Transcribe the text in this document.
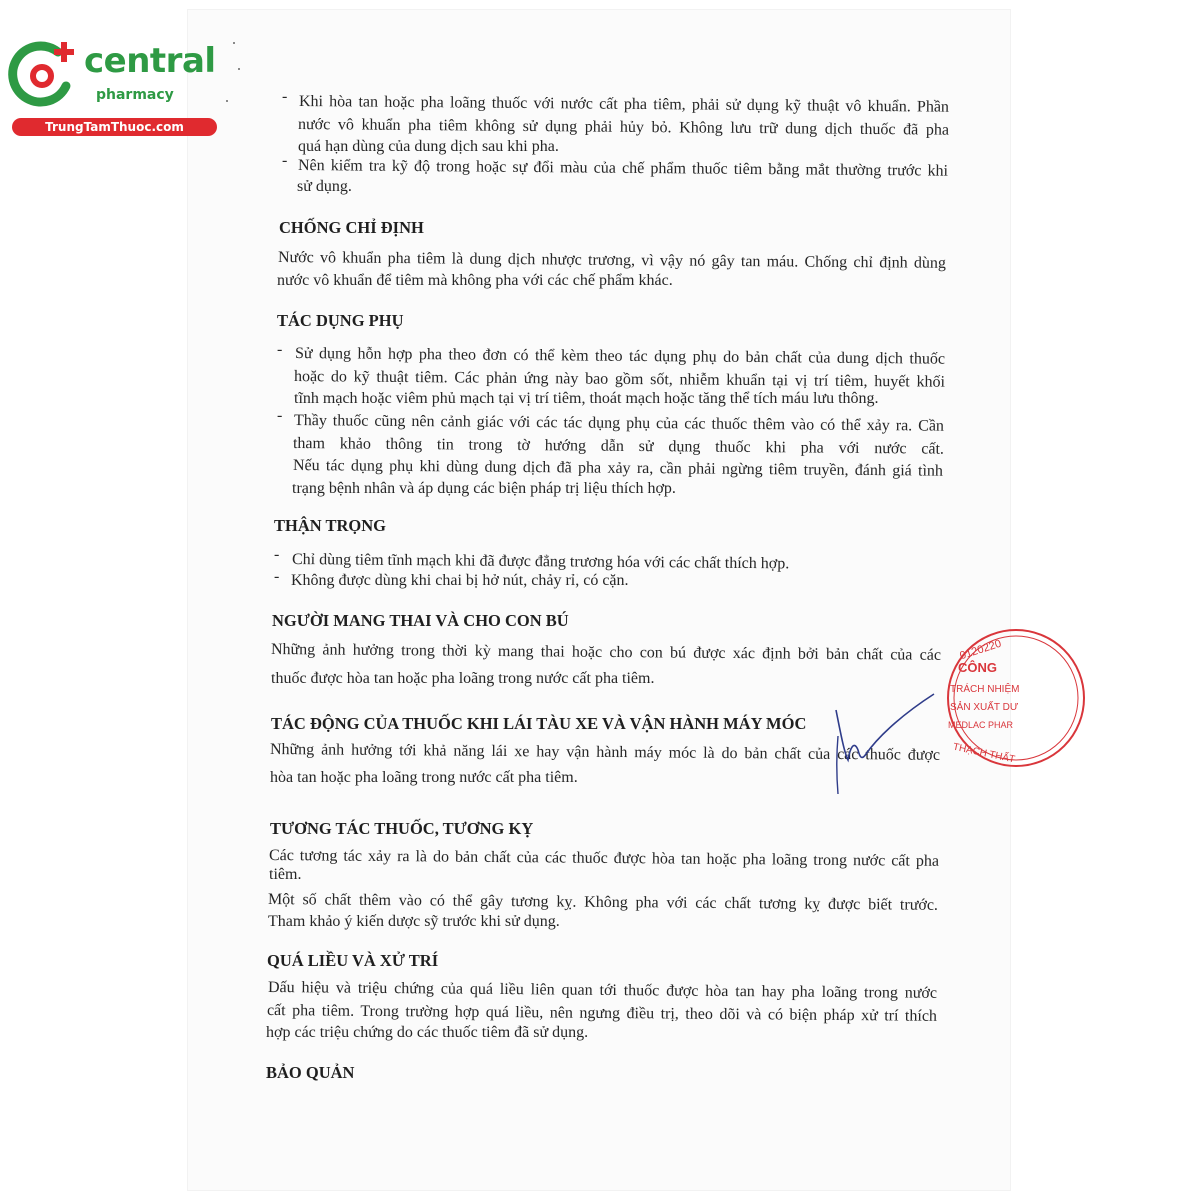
central
pharmacy
TrungTamThuoc.com
- Khi hòa tan hoặc pha loãng thuốc với nước cất pha tiêm, phải sử dụng kỹ thuật vô khuẩn. Phần
nước vô khuẩn pha tiêm không sử dụng phải hủy bỏ. Không lưu trữ dung dịch thuốc đã pha
quá hạn dùng của dung dịch sau khi pha.
- Nên kiểm tra kỹ độ trong hoặc sự đổi màu của chế phẩm thuốc tiêm bằng mắt thường trước khi
sử dụng.
CHỐNG CHỈ ĐỊNH
Nước vô khuẩn pha tiêm là dung dịch nhược trương, vì vậy nó gây tan máu. Chống chỉ định dùng
nước vô khuẩn để tiêm mà không pha với các chế phẩm khác.
TÁC DỤNG PHỤ
- Sử dụng hỗn hợp pha theo đơn có thể kèm theo tác dụng phụ do bản chất của dung dịch thuốc
hoặc do kỹ thuật tiêm. Các phản ứng này bao gồm sốt, nhiễm khuẩn tại vị trí tiêm, huyết khối
tĩnh mạch hoặc viêm phủ mạch tại vị trí tiêm, thoát mạch hoặc tăng thể tích máu lưu thông.
- Thầy thuốc cũng nên cảnh giác với các tác dụng phụ của các thuốc thêm vào có thể xảy ra. Cần
tham khảo thông tin trong tờ hướng dẫn sử dụng thuốc khi pha với nước cất.
Nếu tác dụng phụ khi dùng dung dịch đã pha xảy ra, cần phải ngừng tiêm truyền, đánh giá tình
trạng bệnh nhân và áp dụng các biện pháp trị liệu thích hợp.
THẬN TRỌNG
- Chỉ dùng tiêm tĩnh mạch khi đã được đẳng trương hóa với các chất thích hợp.
- Không được dùng khi chai bị hở nút, chảy rỉ, có cặn.
NGƯỜI MANG THAI VÀ CHO CON BÚ
Những ảnh hưởng trong thời kỳ mang thai hoặc cho con bú được xác định bởi bản chất của các
thuốc được hòa tan hoặc pha loãng trong nước cất pha tiêm.
TÁC ĐỘNG CỦA THUỐC KHI LÁI TÀU XE VÀ VẬN HÀNH MÁY MÓC
Những ảnh hưởng tới khả năng lái xe hay vận hành máy móc là do bản chất của các thuốc được
hòa tan hoặc pha loãng trong nước cất pha tiêm.
TƯƠNG TÁC THUỐC, TƯƠNG KỴ
Các tương tác xảy ra là do bản chất của các thuốc được hòa tan hoặc pha loãng trong nước cất pha
tiêm.
Một số chất thêm vào có thể gây tương kỵ. Không pha với các chất tương kỵ được biết trước.
Tham khảo ý kiến dược sỹ trước khi sử dụng.
QUÁ LIỀU VÀ XỬ TRÍ
Dấu hiệu và triệu chứng của quá liều liên quan tới thuốc được hòa tan hay pha loãng trong nước
cất pha tiêm. Trong trường hợp quá liều, nên ngưng điều trị, theo dõi và có biện pháp xử trí thích
hợp các triệu chứng do các thuốc tiêm đã sử dụng.
BẢO QUẢN
0120220
CÔNG
TRÁCH NHIỆM
SẢN XUẤT DƯ
MEDLAC PHAR
THẠCH THẤT
